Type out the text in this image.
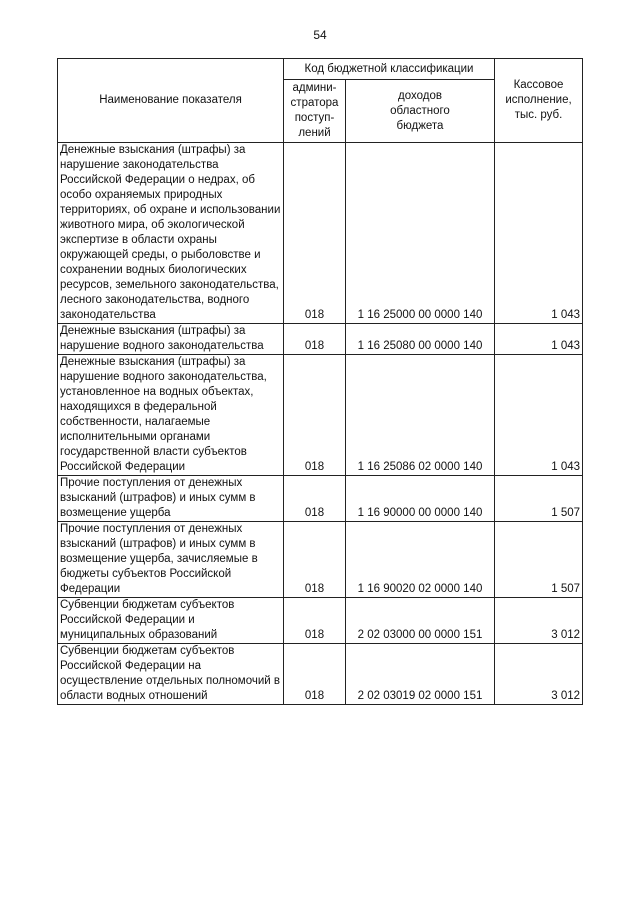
54
Наименование показателя	Код бюджетной классификации		Кассовое
исполнение,
тыс. руб.
	админи-
стратора
поступ-
лений	доходов
областного
бюджета	
Денежные взыскания (штрафы) за нарушение законодательства Российской Федерации о недрах, об особо охраняемых природных территориях, об охране и использовании животного мира, об экологической экспертизе в области охраны окружающей среды, о рыболовстве и сохранении водных биологических ресурсов, земельного законодательства, лесного законодательства, водного законодательства	018	1 16 25000 00 0000 140	1 043
Денежные взыскания (штрафы) за нарушение водного законодательства	018	1 16 25080 00 0000 140	1 043
Денежные взыскания (штрафы) за нарушение водного законодательства, установленное на водных объектах, находящихся в федеральной собственности, налагаемые исполнительными органами государственной власти субъектов Российской Федерации	018	1 16 25086 02 0000 140	1 043
Прочие поступления от денежных взысканий (штрафов) и иных сумм в возмещение ущерба	018	1 16 90000 00 0000 140	1 507
Прочие поступления от денежных взысканий (штрафов) и иных сумм в возмещение ущерба, зачисляемые в бюджеты субъектов Российской Федерации	018	1 16 90020 02 0000 140	1 507
Субвенции бюджетам субъектов Российской Федерации и муниципальных образований	018	2 02 03000 00 0000 151	3 012
Субвенции бюджетам субъектов Российской Федерации на осуществление отдельных полномочий в области водных отношений	018	2 02 03019 02 0000 151	3 012
